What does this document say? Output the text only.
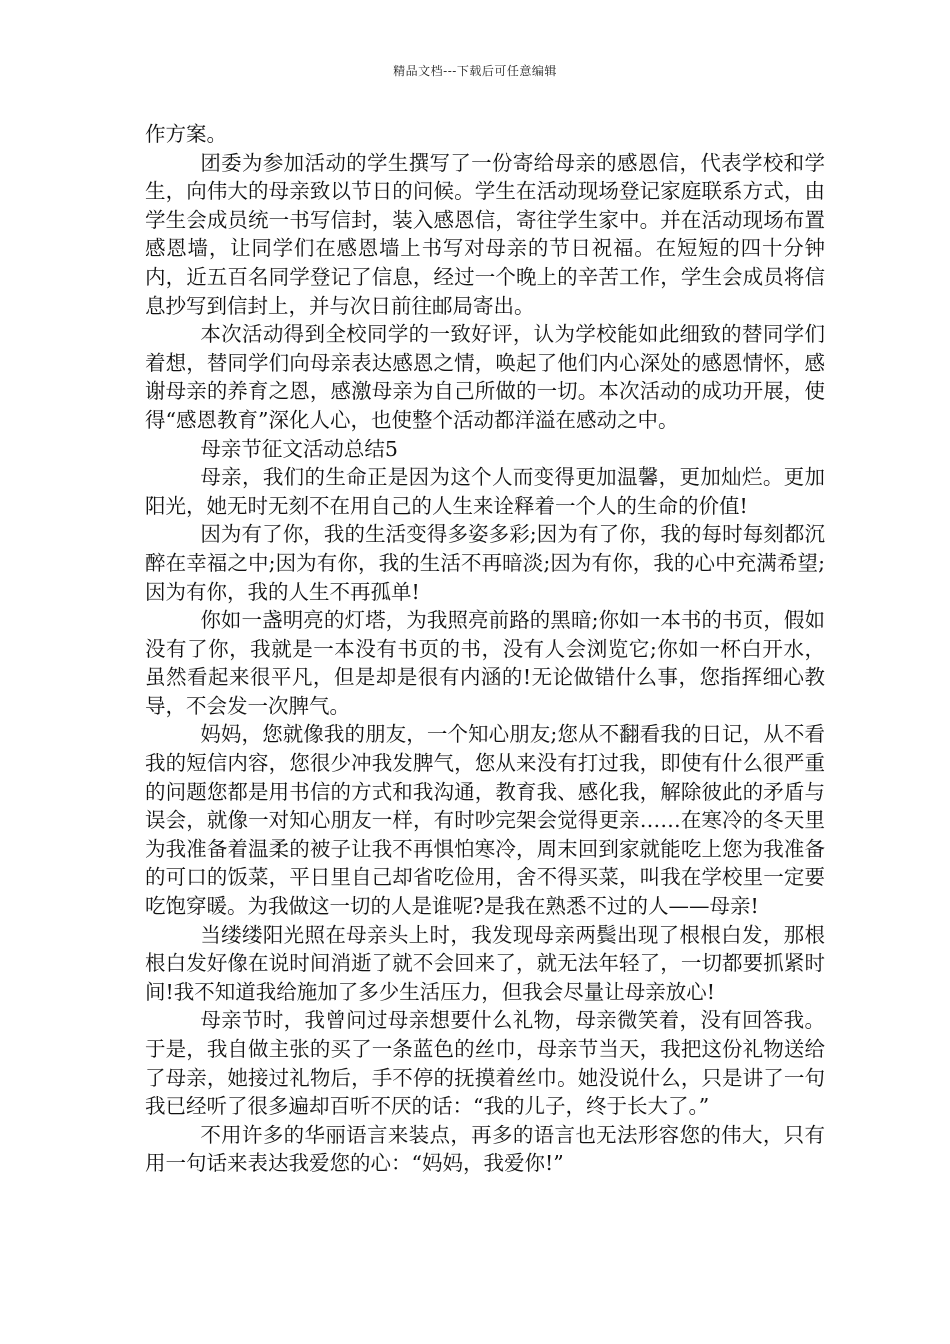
精品文档---下载后可任意编辑

作方案。

团委为参加活动的学生撰写了一份寄给母亲的感恩信，代表学校和学生，向伟大的母亲致以节日的问候。学生在活动现场登记家庭联系方式，由学生会成员统一书写信封，装入感恩信，寄往学生家中。并在活动现场布置感恩墙，让同学们在感恩墙上书写对母亲的节日祝福。在短短的四十分钟内，近五百名同学登记了信息，经过一个晚上的辛苦工作，学生会成员将信息抄写到信封上，并与次日前往邮局寄出。

本次活动得到全校同学的一致好评，认为学校能如此细致的替同学们着想，替同学们向母亲表达感恩之情，唤起了他们内心深处的感恩情怀，感谢母亲的养育之恩，感激母亲为自己所做的一切。本次活动的成功开展，使得“感恩教育”深化人心，也使整个活动都洋溢在感动之中。

母亲节征文活动总结5

母亲，我们的生命正是因为这个人而变得更加温馨，更加灿烂。更加阳光，她无时无刻不在用自己的人生来诠释着一个人的生命的价值!

因为有了你，我的生活变得多姿多彩;因为有了你，我的每时每刻都沉醉在幸福之中;因为有你，我的生活不再暗淡;因为有你，我的心中充满希望;因为有你，我的人生不再孤单!

你如一盏明亮的灯塔，为我照亮前路的黑暗;你如一本书的书页，假如没有了你，我就是一本没有书页的书，没有人会浏览它;你如一杯白开水，虽然看起来很平凡，但是却是很有内涵的!无论做错什么事，您指挥细心教导，不会发一次脾气。

妈妈，您就像我的朋友，一个知心朋友;您从不翻看我的日记，从不看我的短信内容，您很少冲我发脾气，您从来没有打过我，即使有什么很严重的问题您都是用书信的方式和我沟通，教育我、感化我，解除彼此的矛盾与误会，就像一对知心朋友一样，有时吵完架会觉得更亲……在寒冷的冬天里为我准备着温柔的被子让我不再惧怕寒冷，周末回到家就能吃上您为我准备的可口的饭菜，平日里自己却省吃俭用，舍不得买菜，叫我在学校里一定要吃饱穿暖。为我做这一切的人是谁呢?是我在熟悉不过的人——母亲!

当缕缕阳光照在母亲头上时，我发现母亲两鬓出现了根根白发，那根根白发好像在说时间消逝了就不会回来了，就无法年轻了，一切都要抓紧时间!我不知道我给施加了多少生活压力，但我会尽量让母亲放心!

母亲节时，我曾问过母亲想要什么礼物，母亲微笑着，没有回答我。于是，我自做主张的买了一条蓝色的丝巾，母亲节当天，我把这份礼物送给了母亲，她接过礼物后，手不停的抚摸着丝巾。她没说什么，只是讲了一句我已经听了很多遍却百听不厌的话：“我的儿子，终于长大了。”

不用许多的华丽语言来装点，再多的语言也无法形容您的伟大，只有用一句话来表达我爱您的心：“妈妈，我爱你!”
